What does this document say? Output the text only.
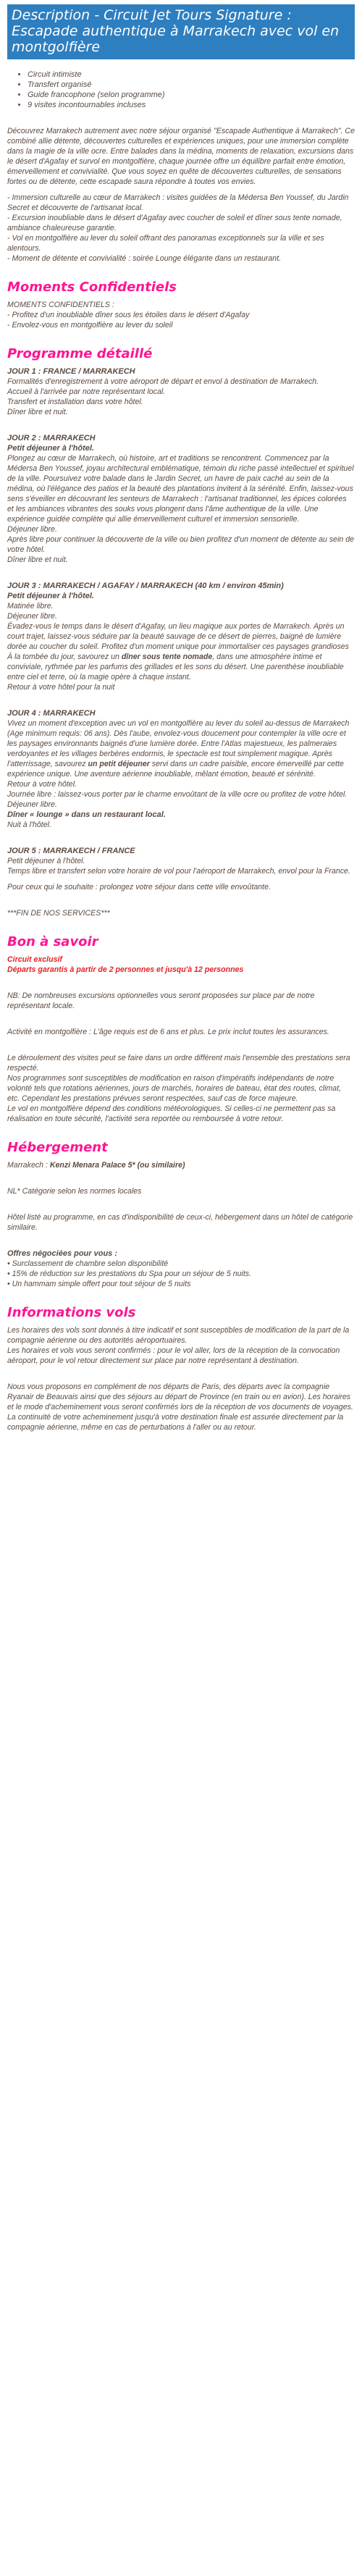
Description - Circuit Jet Tours Signature : Escapade authentique à Marrakech avec vol en montgolfière
• Circuit intimiste
• Transfert organisé
• Guide francophone (selon programme)
• 9 visites incontournables incluses

Découvrez Marrakech autrement avec notre séjour organisé "Escapade Authentique à Marrakech". Ce combiné allie détente, découvertes culturelles et expériences uniques, pour une immersion complète dans la magie de la ville ocre. Entre balades dans la médina, moments de relaxation, excursions dans le désert d'Agafay et survol en montgolfière, chaque journée offre un équilibre parfait entre émotion, émerveillement et convivialité. Que vous soyez en quête de découvertes culturelles, de sensations fortes ou de détente, cette escapade saura répondre à toutes vos envies.

- Immersion culturelle au cœur de Marrakech : visites guidées de la Médersa Ben Youssef, du Jardin Secret et découverte de l'artisanat local.

- Excursion inoubliable dans le désert d'Agafay avec coucher de soleil et dîner sous tente nomade, ambiance chaleureuse garantie.

- Vol en montgolfière au lever du soleil offrant des panoramas exceptionnels sur la ville et ses alentours.

- Moment de détente et convivialité : soirée Lounge élégante dans un restaurant.

Moments Confidentiels

MOMENTS CONFIDENTIELS :

- Profitez d'un inoubliable dîner sous les étoiles dans le désert d'Agafay

- Envolez-vous en montgolfière au lever du soleil

Programme détaillé

JOUR 1 : FRANCE / MARRAKECH

Formalités d'enregistrement à votre aéroport de départ et envol à destination de Marrakech.

Accueil à l'arrivée par notre représentant local.

Transfert et installation dans votre hôtel.

Dîner libre et nuit.

JOUR 2 : MARRAKECH

Petit déjeuner à l'hôtel.

Plongez au cœur de Marrakech, où histoire, art et traditions se rencontrent. Commencez par la Médersa Ben Youssef, joyau architectural emblématique, témoin du riche passé intellectuel et spirituel de la ville. Poursuivez votre balade dans le Jardin Secret, un havre de paix caché au sein de la médina, où l'élégance des patios et la beauté des plantations invitent à la sérénité. Enfin, laissez-vous sens s'éveiller en découvrant les senteurs de Marrakech : l'artisanat traditionnel, les épices colorées et les ambiances vibrantes des souks vous plongent dans l'âme authentique de la ville. Une expérience guidée complète qui allie émerveillement culturel et immersion sensorielle.

Déjeuner libre.

Après libre pour continuer la découverte de la ville ou bien profitez d'un moment de détente au sein de votre hôtel.

Dîner libre et nuit.

JOUR 3 : MARRAKECH / AGAFAY / MARRAKECH (40 km / environ 45min)

Petit déjeuner à l'hôtel.

Matinée libre.

Déjeuner libre.

Évadez-vous le temps dans le désert d'Agafay, un lieu magique aux portes de Marrakech. Après un court trajet, laissez-vous séduire par la beauté sauvage de ce désert de pierres, baigné de lumière dorée au coucher du soleil. Profitez d'un moment unique pour immortaliser ces paysages grandioses

À la tombée du jour, savourez un dîner sous tente nomade, dans une atmosphère intime et conviviale, rythmée par les parfums des grillades et les sons du désert. Une parenthèse inoubliable entre ciel et terre, où la magie opère à chaque instant.

Retour à votre hôtel pour la nuit

JOUR 4 : MARRAKECH

Vivez un moment d'exception avec un vol en montgolfière au lever du soleil au-dessus de Marrakech (Age minimum requis: 06 ans). Dès l'aube, envolez-vous doucement pour contempler la ville ocre et les paysages environnants baignés d'une lumière dorée. Entre l'Atlas majestueux, les palmeraies verdoyantes et les villages berbères endormis, le spectacle est tout simplement magique. Après l'atterrissage, savourez un petit déjeuner servi dans un cadre paisible, encore émerveillé par cette expérience unique. Une aventure aérienne inoubliable, mêlant émotion, beauté et sérénité.

Retour à votre hôtel.

Journée libre : laissez-vous porter par le charme envoûtant de la ville ocre ou profitez de votre hôtel.

Déjeuner libre.

Dîner « lounge » dans un restaurant local.

Nuit à l'hôtel.

JOUR 5 : MARRAKECH / FRANCE

Petit déjeuner à l'hôtel.

Temps libre et transfert selon votre horaire de vol pour l'aéroport de Marrakech, envol pour la France.

Pour ceux qui le souhaite : prolongez votre séjour dans cette ville envoûtante.

***FIN DE NOS SERVICES***

Bon à savoir

Circuit exclusif

Départs garantis à partir de 2 personnes et jusqu'à 12 personnes

NB: De nombreuses excursions optionnelles vous seront proposées sur place par de notre représentant locale.

Activité en montgolfière : L'âge requis est de 6 ans et plus. Le prix inclut toutes les assurances.

Le déroulement des visites peut se faire dans un ordre différent mais l'ensemble des prestations sera respecté.

Nos programmes sont susceptibles de modification en raison d'impératifs indépendants de notre volonté tels que rotations aériennes, jours de marchés, horaires de bateau, état des routes, climat, etc. Cependant les prestations prévues seront respectées, sauf cas de force majeure.

Le vol en montgolfière dépend des conditions météorologiques. Si celles-ci ne permettent pas sa réalisation en toute sécurité, l'activité sera reportée ou remboursée à votre retour.

Hébergement

Marrakech : Kenzi Menara Palace 5* (ou similaire)

NL* Catégorie selon les normes locales

Hôtel listé au programme, en cas d'indisponibilité de ceux-ci, hébergement dans un hôtel de catégorie similaire.

Offres négociées pour vous :

• Surclassement de chambre selon disponibilité

• 15% de réduction sur les prestations du Spa pour un séjour de 5 nuits.

• Un hammam simple offert pour tout séjour de 5 nuits

Informations vols

Les horaires des vols sont donnés à titre indicatif et sont susceptibles de modification de la part de la compagnie aérienne ou des autorités aéroportuaires.

Les horaires et vols vous seront confirmés : pour le vol aller, lors de la réception de la convocation aéroport, pour le vol retour directement sur place par notre représentant à destination.

Nous vous proposons en complément de nos départs de Paris, des départs avec la compagnie Ryanair de Beauvais ainsi que des séjours au départ de Province (en train ou en avion). Les horaires et le mode d'acheminement vous seront confirmés lors de la réception de vos documents de voyages.

La continuité de votre acheminement jusqu'à votre destination finale est assurée directement par la compagnie aérienne, même en cas de perturbations à l'aller ou au retour.
